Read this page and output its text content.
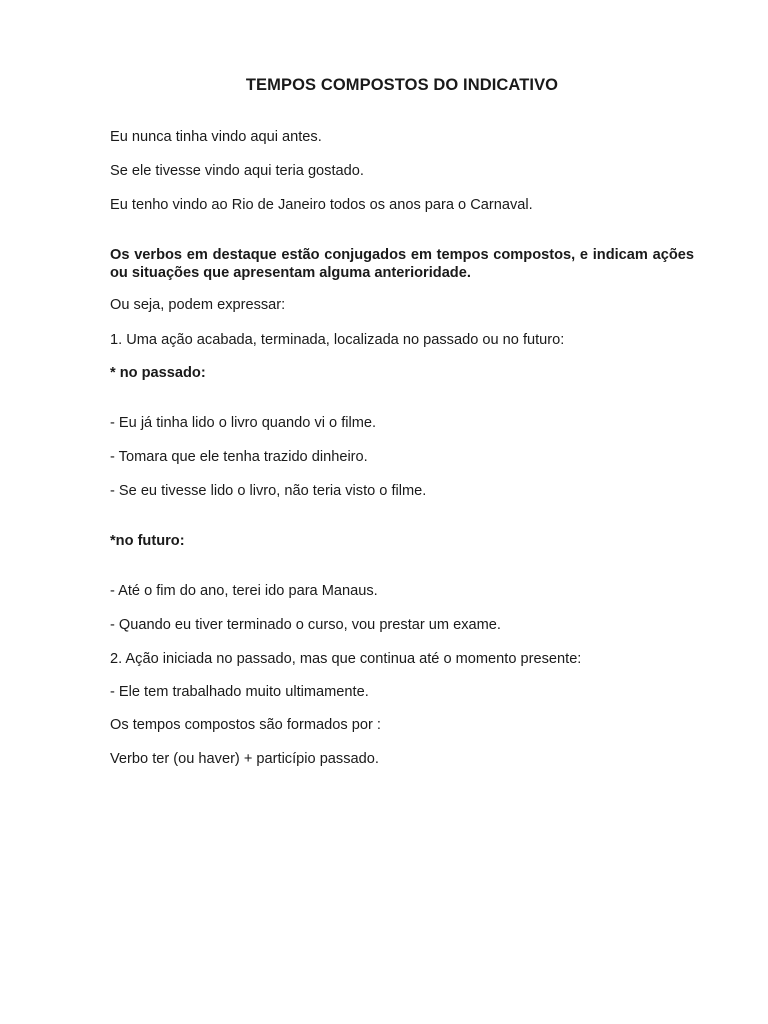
TEMPOS COMPOSTOS DO INDICATIVO
Eu nunca tinha vindo aqui antes.
Se ele tivesse vindo aqui teria gostado.
Eu tenho vindo ao Rio de Janeiro todos os anos para o Carnaval.
Os verbos em destaque estão conjugados em tempos compostos, e indicam ações ou situações que apresentam alguma anterioridade.
Ou seja, podem expressar:
1. Uma ação acabada, terminada, localizada no passado ou no futuro:
* no passado:
- Eu já tinha lido o livro quando vi o filme.
- Tomara que ele tenha trazido dinheiro.
- Se eu tivesse lido o livro, não teria visto o filme.
*no futuro:
- Até o fim do ano, terei ido para Manaus.
- Quando eu tiver terminado o curso, vou prestar um exame.
2. Ação iniciada no passado, mas que continua até o momento presente:
- Ele tem trabalhado muito ultimamente.
Os tempos compostos são formados por :
Verbo ter (ou haver) + particípio passado.
